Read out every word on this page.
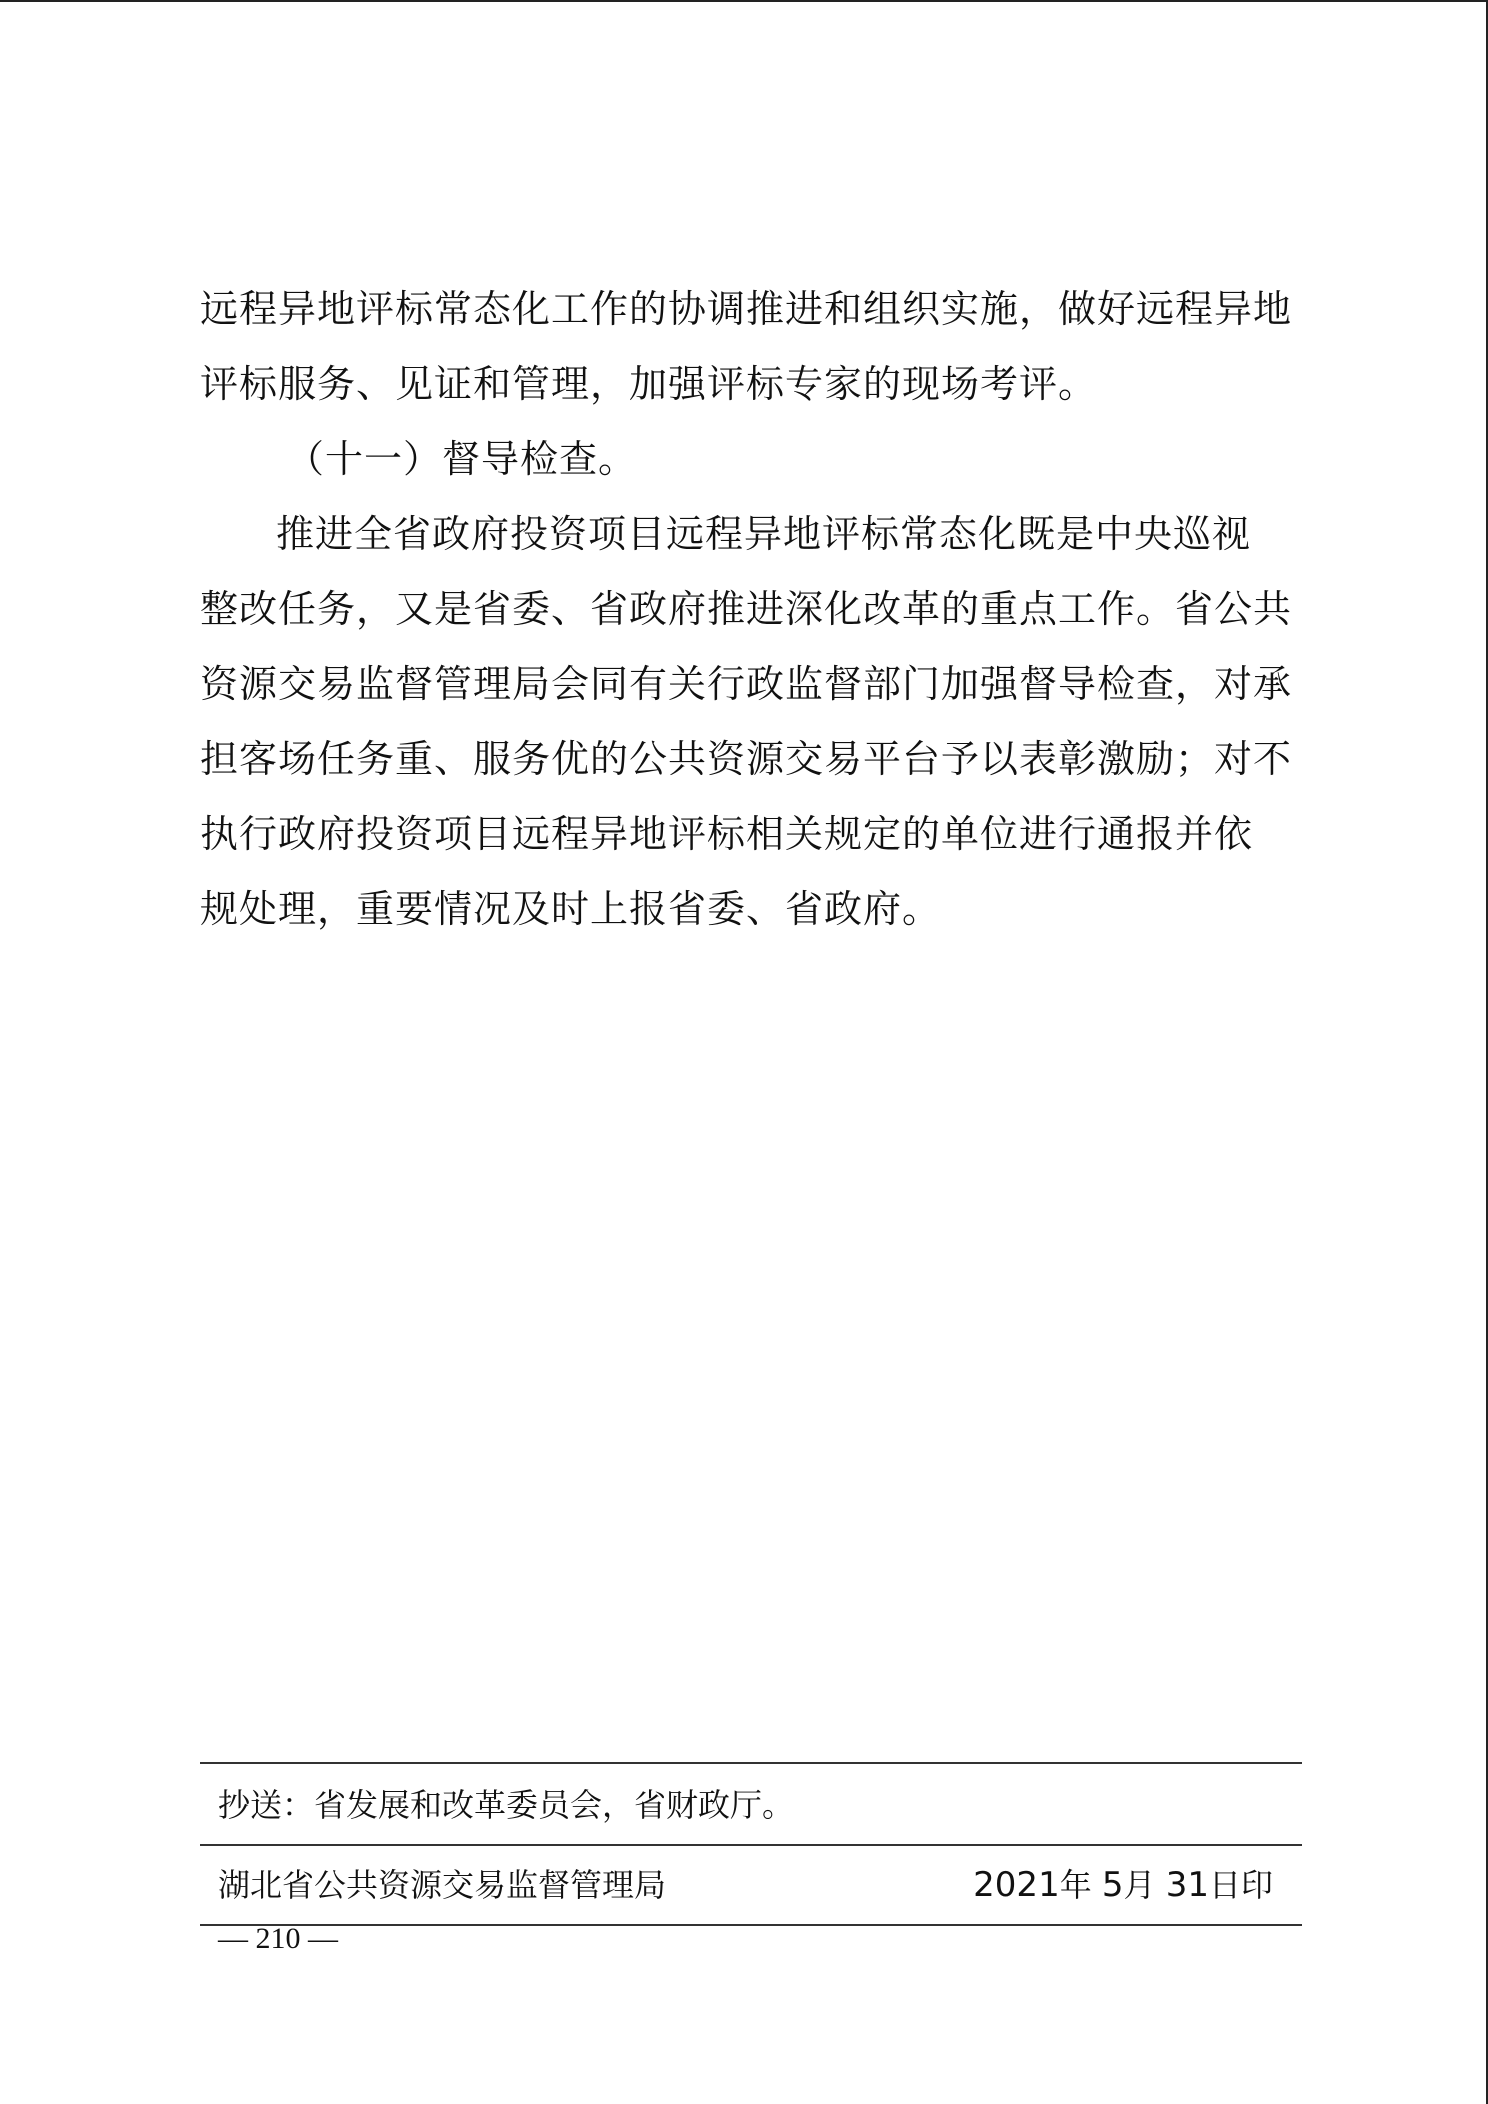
远程异地评标常态化工作的协调推进和组织实施，做好远程异地
评标服务、见证和管理，加强评标专家的现场考评。
（十一）督导检查。
推进全省政府投资项目远程异地评标常态化既是中央巡视
整改任务，又是省委、省政府推进深化改革的重点工作。省公共
资源交易监督管理局会同有关行政监督部门加强督导检查，对承
担客场任务重、服务优的公共资源交易平台予以表彰激励；对不
执行政府投资项目远程异地评标相关规定的单位进行通报并依
规处理，重要情况及时上报省委、省政府。
抄送：省发展和改革委员会，省财政厅。
湖北省公共资源交易监督管理局	2021年 5月 31日印
— 210 —
